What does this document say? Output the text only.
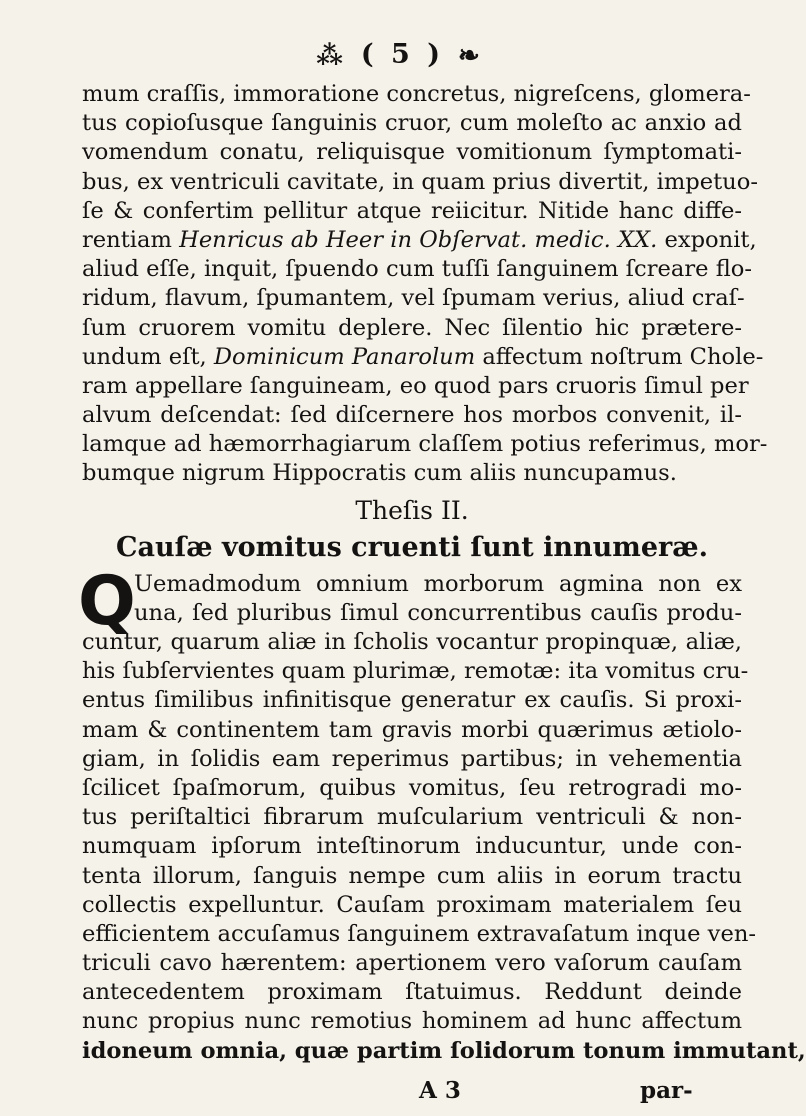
⁂ ( 5 ) ❧
mum craſſis, immoratione concretus, nigreſcens, glomera-
tus copioſusque ſanguinis cruor, cum moleſto ac anxio ad
vomendum conatu, reliquisque vomitionum ſymptomati-
bus, ex ventriculi cavitate, in quam prius divertit, impetuo-
ſe & confertim pellitur atque reiicitur. Nitide hanc diffe-
rentiam Henricus ab Heer in Obſervat. medic. XX. exponit,
aliud eſſe, inquit, ſpuendo cum tuſſi ſanguinem ſcreare flo-
ridum, flavum, ſpumantem, vel ſpumam verius, aliud craſ-
ſum cruorem vomitu deplere. Nec ſilentio hic prætere-
undum eſt, Dominicum Panarolum affectum noſtrum Chole-
ram appellare ſanguineam, eo quod pars cruoris ſimul per
alvum deſcendat: ſed diſcernere hos morbos convenit, il-
lamque ad hæmorrhagiarum claſſem potius referimus, mor-
bumque nigrum Hippocratis cum aliis nuncupamus.
Theſis II.
Cauſæ vomitus cruenti ſunt innumeræ.
Q
Uemadmodum omnium morborum agmina non ex
una, ſed pluribus ſimul concurrentibus cauſis produ-
cuntur, quarum aliæ in ſcholis vocantur propinquæ, aliæ,
his ſubſervientes quam plurimæ, remotæ: ita vomitus cru-
entus ſimilibus infinitisque generatur ex cauſis. Si proxi-
mam & continentem tam gravis morbi quærimus ætiolo-
giam, in ſolidis eam reperimus partibus; in vehementia
ſcilicet ſpaſmorum, quibus vomitus, ſeu retrogradi mo-
tus periſtaltici fibrarum muſcularium ventriculi & non-
numquam ipſorum inteſtinorum inducuntur, unde con-
tenta illorum, ſanguis nempe cum aliis in eorum tractu
collectis expelluntur. Cauſam proximam materialem ſeu
efficientem accuſamus ſanguinem extravaſatum inque ven-
triculi cavo hærentem: apertionem vero vaſorum cauſam
antecedentem proximam ſtatuimus. Reddunt deinde
nunc propius nunc remotius hominem ad hunc affectum
idoneum omnia, quæ partim ſolidorum tonum immutant,
A 3	par-
